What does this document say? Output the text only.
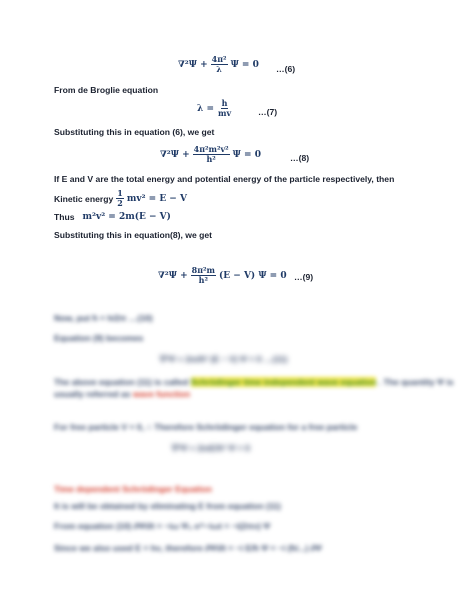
$\nabla^2\Psi + \frac{\text{4π²}}{\lambda}$ Ψ = 0 …(6)
From de Broglie equation
$\lambda = \frac{h}{mv}$	…(7)
Substituting this in equation (6), we get
$\nabla^2\Psi + \frac{\text{4π²m²v²}}{\text{h²}}$ Ψ = 0	…(8)
If E and V are the total energy and potential energy of the particle respectively, then
Kinetic energy $\frac{1}{2} mv^2 = E - V$
Thus m²v² = 2m(E − V)
Substituting this in equation(8), we get
$\nabla^2\Psi + \frac{\text{8π²m}}{\text{h²}} (E - V) \Psi = 0$ …(9)
Now, put ħ = h/2π …(10)
Equation (9) becomes
∇²Ψ + 2m/ħ² (E − V) Ψ = 0 …(11)
The above equation (11) is called Schrödinger time independent wave equation . The quantity Ψ is
usually referred as wave function
For free particle V = 0, ∴ Therefore Schrödinger equation for a free particle
∇²Ψ + 2mE/ħ² Ψ = 0
Time dependent Schrödinger Equation
It is will be obtained by eliminating E from equation (11)
From equation (10) ∂Ψ/∂t = −iω Ψ₀ e^−iωt = −i(2πν) Ψ
Since we also used E = hν, therefore ∂Ψ/∂t = −i E/ħ Ψ = −i (ħ/...) ∂Ψ
